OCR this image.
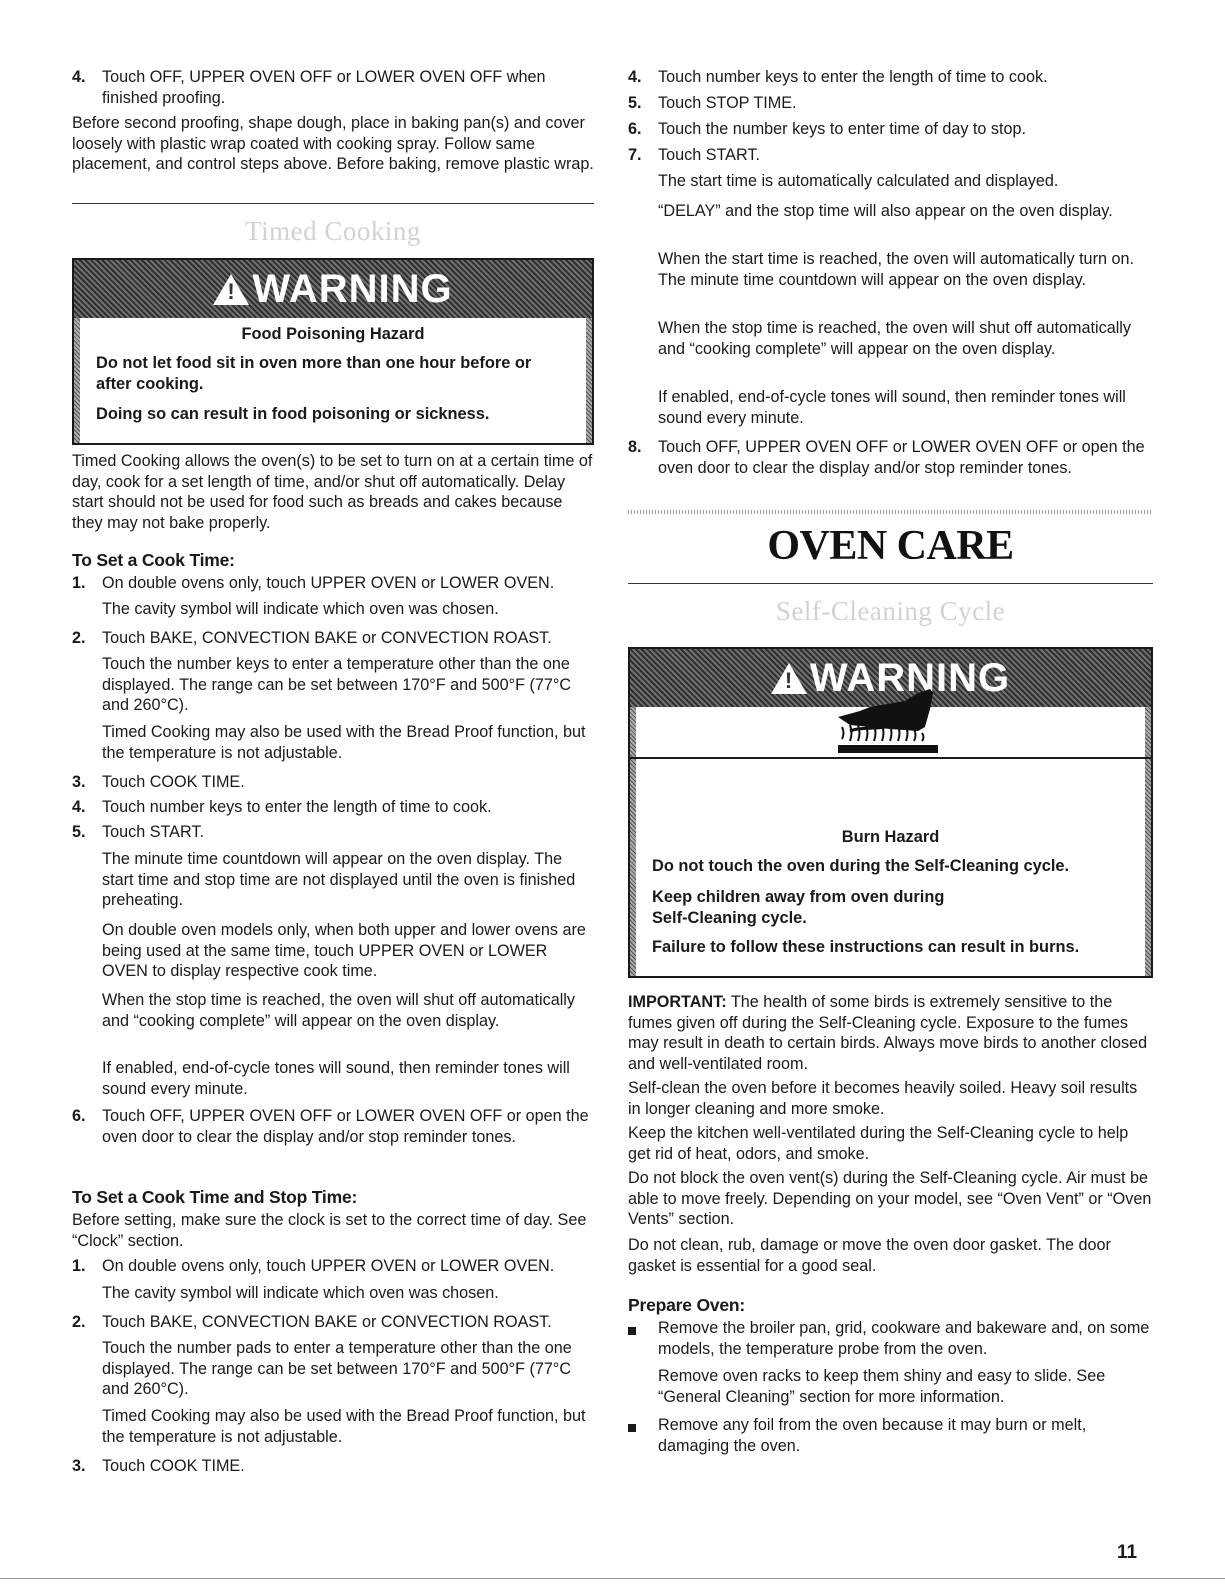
4. Touch OFF, UPPER OVEN OFF or LOWER OVEN OFF when finished proofing.

Before second proofing, shape dough, place in baking pan(s) and cover loosely with plastic wrap coated with cooking spray. Follow same placement, and control steps above. Before baking, remove plastic wrap.

Timed Cooking
! WARNING

Food Poisoning Hazard

Do not let food sit in oven more than one hour before or after cooking.

Doing so can result in food poisoning or sickness.

Timed Cooking allows the oven(s) to be set to turn on at a certain time of day, cook for a set length of time, and/or shut off automatically. Delay start should not be used for food such as breads and cakes because they may not bake properly.

To Set a Cook Time:
1. On double ovens only, touch UPPER OVEN or LOWER OVEN.

The cavity symbol will indicate which oven was chosen.

2. Touch BAKE, CONVECTION BAKE or CONVECTION ROAST.

Touch the number keys to enter a temperature other than the one displayed. The range can be set between 170°F and 500°F (77°C and 260°C).

Timed Cooking may also be used with the Bread Proof function, but the temperature is not adjustable.

3. Touch COOK TIME.

4. Touch number keys to enter the length of time to cook.

5. Touch START.

The minute time countdown will appear on the oven display. The start time and stop time are not displayed until the oven is finished preheating.

On double oven models only, when both upper and lower ovens are being used at the same time, touch UPPER OVEN or LOWER OVEN to display respective cook time.

When the stop time is reached, the oven will shut off automatically and “cooking complete” will appear on the oven display.

If enabled, end-of-cycle tones will sound, then reminder tones will sound every minute.

6. Touch OFF, UPPER OVEN OFF or LOWER OVEN OFF or open the oven door to clear the display and/or stop reminder tones.

To Set a Cook Time and Stop Time:

Before setting, make sure the clock is set to the correct time of day. See “Clock” section.

1. On double ovens only, touch UPPER OVEN or LOWER OVEN.

The cavity symbol will indicate which oven was chosen.

2. Touch BAKE, CONVECTION BAKE or CONVECTION ROAST.

Touch the number pads to enter a temperature other than the one displayed. The range can be set between 170°F and 500°F (77°C and 260°C).

Timed Cooking may also be used with the Bread Proof function, but the temperature is not adjustable.

3. Touch COOK TIME.

4. Touch number keys to enter the length of time to cook.

5. Touch STOP TIME.

6. Touch the number keys to enter time of day to stop.

7. Touch START.

The start time is automatically calculated and displayed.

“DELAY” and the stop time will also appear on the oven display.

When the start time is reached, the oven will automatically turn on. The minute time countdown will appear on the oven display.

When the stop time is reached, the oven will shut off automatically and “cooking complete” will appear on the oven display.

If enabled, end-of-cycle tones will sound, then reminder tones will sound every minute.

8. Touch OFF, UPPER OVEN OFF or LOWER OVEN OFF or open the oven door to clear the display and/or stop reminder tones.

OVEN CARE
Self-Cleaning Cycle
! WARNING

Burn Hazard

Do not touch the oven during the Self-Cleaning cycle.

Keep children away from oven during Self-Cleaning cycle.

Failure to follow these instructions can result in burns.

IMPORTANT: The health of some birds is extremely sensitive to the fumes given off during the Self-Cleaning cycle. Exposure to the fumes may result in death to certain birds. Always move birds to another closed and well-ventilated room.

Self-clean the oven before it becomes heavily soiled. Heavy soil results in longer cleaning and more smoke.

Keep the kitchen well-ventilated during the Self-Cleaning cycle to help get rid of heat, odors, and smoke.

Do not block the oven vent(s) during the Self-Cleaning cycle. Air must be able to move freely. Depending on your model, see “Oven Vent” or “Oven Vents” section.

Do not clean, rub, damage or move the oven door gasket. The door gasket is essential for a good seal.

Prepare Oven:

Remove the broiler pan, grid, cookware and bakeware and, on some models, the temperature probe from the oven.

Remove oven racks to keep them shiny and easy to slide. See “General Cleaning” section for more information.

Remove any foil from the oven because it may burn or melt, damaging the oven.

11
